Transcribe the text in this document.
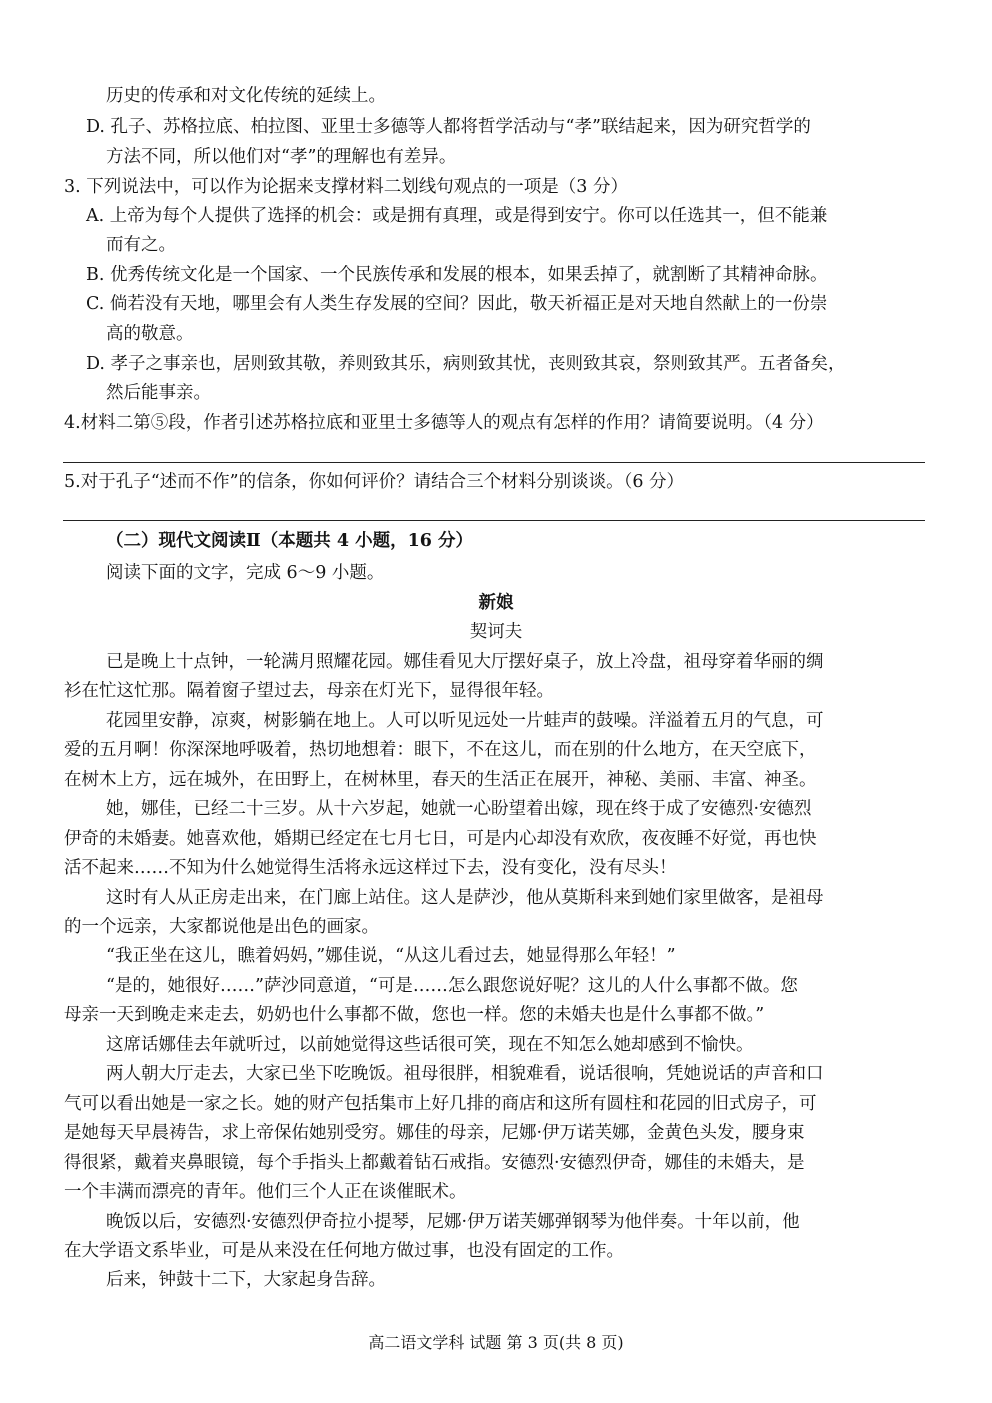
历史的传承和对文化传统的延续上。
D. 孔子、苏格拉底、柏拉图、亚里士多德等人都将哲学活动与“孝”联结起来，因为研究哲学的
方法不同，所以他们对“孝”的理解也有差异。
3. 下列说法中，可以作为论据来支撑材料二划线句观点的一项是（3 分）
A. 上帝为每个人提供了选择的机会：或是拥有真理，或是得到安宁。你可以任选其一，但不能兼
而有之。
B. 优秀传统文化是一个国家、一个民族传承和发展的根本，如果丢掉了，就割断了其精神命脉。
C. 倘若没有天地，哪里会有人类生存发展的空间？因此，敬天祈福正是对天地自然献上的一份崇
高的敬意。
D. 孝子之事亲也，居则致其敬，养则致其乐，病则致其忧，丧则致其哀，祭则致其严。五者备矣，
然后能事亲。
4.材料二第⑤段，作者引述苏格拉底和亚里士多德等人的观点有怎样的作用？请简要说明。（4 分）
5.对于孔子“述而不作”的信条，你如何评价？请结合三个材料分别谈谈。（6 分）
（二）现代文阅读Ⅱ（本题共 4 小题，16 分）
阅读下面的文字，完成 6～9 小题。
新娘
契诃夫
已是晚上十点钟，一轮满月照耀花园。娜佳看见大厅摆好桌子，放上冷盘，祖母穿着华丽的绸
衫在忙这忙那。隔着窗子望过去，母亲在灯光下，显得很年轻。
花园里安静，凉爽，树影躺在地上。人可以听见远处一片蛙声的鼓噪。洋溢着五月的气息，可
爱的五月啊！你深深地呼吸着，热切地想着：眼下，不在这儿，而在别的什么地方，在天空底下，
在树木上方，远在城外，在田野上，在树林里，春天的生活正在展开，神秘、美丽、丰富、神圣。
她，娜佳，已经二十三岁。从十六岁起，她就一心盼望着出嫁，现在终于成了安德烈·安德烈
伊奇的未婚妻。她喜欢他，婚期已经定在七月七日，可是内心却没有欢欣，夜夜睡不好觉，再也快
活不起来……不知为什么她觉得生活将永远这样过下去，没有变化，没有尽头！
这时有人从正房走出来，在门廊上站住。这人是萨沙，他从莫斯科来到她们家里做客，是祖母
的一个远亲，大家都说他是出色的画家。
“我正坐在这儿，瞧着妈妈，”娜佳说，“从这儿看过去，她显得那么年轻！”
“是的，她很好……”萨沙同意道，“可是……怎么跟您说好呢？这儿的人什么事都不做。您
母亲一天到晚走来走去，奶奶也什么事都不做，您也一样。您的未婚夫也是什么事都不做。”
这席话娜佳去年就听过，以前她觉得这些话很可笑，现在不知怎么她却感到不愉快。
两人朝大厅走去，大家已坐下吃晚饭。祖母很胖，相貌难看，说话很响，凭她说话的声音和口
气可以看出她是一家之长。她的财产包括集市上好几排的商店和这所有圆柱和花园的旧式房子，可
是她每天早晨祷告，求上帝保佑她别受穷。娜佳的母亲，尼娜·伊万诺芙娜，金黄色头发，腰身束
得很紧，戴着夹鼻眼镜，每个手指头上都戴着钻石戒指。安德烈·安德烈伊奇，娜佳的未婚夫，是
一个丰满而漂亮的青年。他们三个人正在谈催眠术。
晚饭以后，安德烈·安德烈伊奇拉小提琴，尼娜·伊万诺芙娜弹钢琴为他伴奏。十年以前，他
在大学语文系毕业，可是从来没在任何地方做过事，也没有固定的工作。
后来，钟鼓十二下，大家起身告辞。
高二语文学科 试题 第 3 页(共 8 页)
